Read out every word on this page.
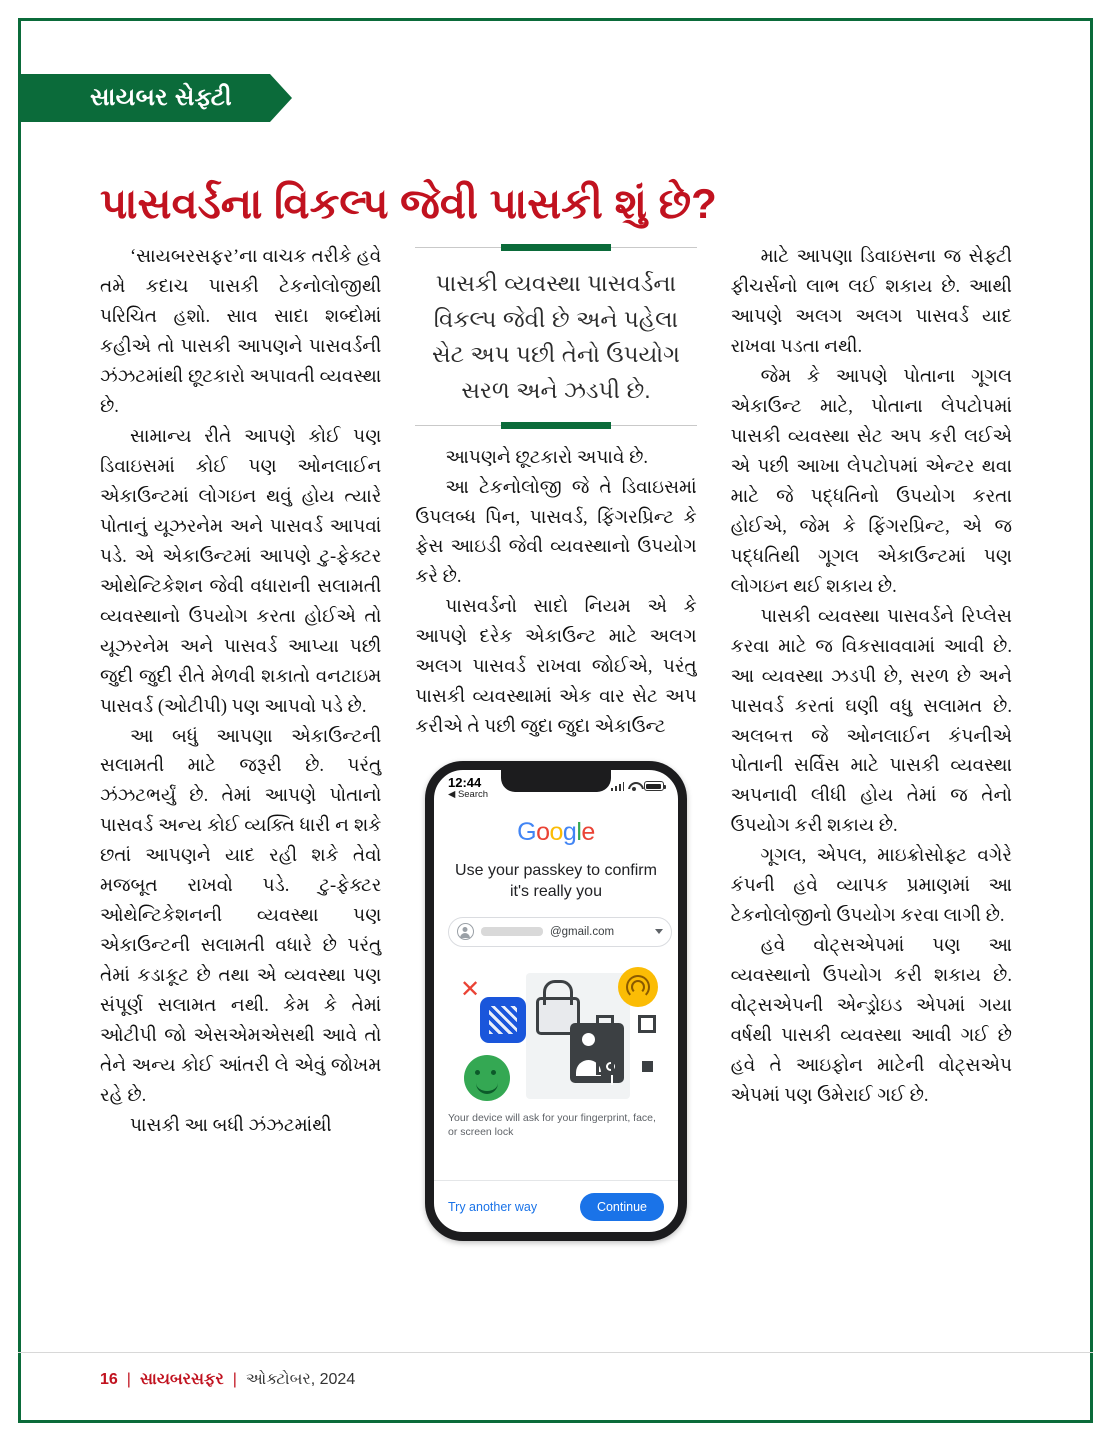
સાયબર સેફ્ટી
પાસવર્ડના વિકલ્પ જેવી પાસકી શું છે?

‘સાયબરસફર’ના વાચક તરીકે હવે તમે કદાચ પાસકી ટેકનોલોજીથી પરિચિત હશો. સાવ સાદા શબ્દોમાં કહીએ તો પાસકી આપણને પાસવર્ડની ઝંઝટમાંથી છૂટકારો અપાવતી વ્યવસ્થા છે.

સામાન્ય રીતે આપણે કોઈ પણ ડિવાઇસમાં કોઈ પણ ઓનલાઈન એકાઉન્ટમાં લોગઇન થવું હોય ત્યારે પોતાનું યૂઝરનેમ અને પાસવર્ડ આપવાં પડે. એ એકાઉન્ટમાં આપણે ટુ-ફેક્ટર ઓથેન્ટિકેશન જેવી વધારાની સલામતી વ્યવસ્થાનો ઉપયોગ કરતા હોઈએ તો યૂઝરનેમ અને પાસવર્ડ આપ્યા પછી જુદી જુદી રીતે મેળવી શકાતો વનટાઇમ પાસવર્ડ (ઓટીપી) પણ આપવો પડે છે.

આ બધું આપણા એકાઉન્ટની સલામતી માટે જરૂરી છે. પરંતુ ઝંઝટભર્યું છે. તેમાં આપણે પોતાનો પાસવર્ડ અન્ય કોઈ વ્યક્તિ ધારી ન શકે છતાં આપણને યાદ રહી શકે તેવો મજબૂત રાખવો પડે. ટુ-ફેક્ટર ઓથેન્ટિકેશનની વ્યવસ્થા પણ એકાઉન્ટની સલામતી વધારે છે પરંતુ તેમાં કડાકૂટ છે તથા એ વ્યવસ્થા પણ સંપૂર્ણ સલામત નથી. કેમ કે તેમાં ઓટીપી જો એસએમએસથી આવે તો તેને અન્ય કોઈ આંતરી લે એવું જોખમ રહે છે.

પાસકી આ બધી ઝંઝટમાંથી

પાસકી વ્યવસ્થા પાસવર્ડના વિકલ્પ જેવી છે અને પહેલા સેટ અપ પછી તેનો ઉપયોગ સરળ અને ઝડપી છે.

આપણને છૂટકારો અપાવે છે.

આ ટેકનોલોજી જે તે ડિવાઇસમાં ઉપલબ્ધ પિન, પાસવર્ડ, ફિંગરપ્રિન્ટ કે ફેસ આઇડી જેવી વ્યવસ્થાનો ઉપયોગ કરે છે.

પાસવર્ડનો સાદો નિયમ એ કે આપણે દરેક એકાઉન્ટ માટે અલગ અલગ પાસવર્ડ રાખવા જોઈએ, પરંતુ પાસકી વ્યવસ્થામાં એક વાર સેટ અપ કરીએ તે પછી જુદા જુદા એકાઉન્ટ

12:44
◀ Search
Google
Use your passkey to confirm it's really you
@gmail.com
✕
Your device will ask for your fingerprint, face, or screen lock
Try another way	Continue

માટે આપણા ડિવાઇસના જ સેફ્ટી ફીચર્સનો લાભ લઈ શકાય છે. આથી આપણે અલગ અલગ પાસવર્ડ યાદ રાખવા પડતા નથી.

જેમ કે આપણે પોતાના ગૂગલ એકાઉન્ટ માટે, પોતાના લેપટોપમાં પાસકી વ્યવસ્થા સેટ અપ કરી લઈએ એ પછી આખા લેપટોપમાં એન્ટર થવા માટે જે પદ્ધતિનો ઉપયોગ કરતા હોઈએ, જેમ કે ફિંગરપ્રિન્ટ, એ જ પદ્ધતિથી ગૂગલ એકાઉન્ટમાં પણ લોગઇન થઈ શકાય છે.

પાસકી વ્યવસ્થા પાસવર્ડને રિપ્લેસ કરવા માટે જ વિકસાવવામાં આવી છે. આ વ્યવસ્થા ઝડપી છે, સરળ છે અને પાસવર્ડ કરતાં ઘણી વધુ સલામત છે. અલબત્ત જે ઓનલાઈન કંપનીએ પોતાની સર્વિસ માટે પાસકી વ્યવસ્થા અપનાવી લીધી હોય તેમાં જ તેનો ઉપયોગ કરી શકાય છે.

ગૂગલ, એપલ, માઇક્રોસોફ્ટ વગેરે કંપની હવે વ્યાપક પ્રમાણમાં આ ટેકનોલોજીનો ઉપયોગ કરવા લાગી છે.

હવે વોટ્સએપમાં પણ આ વ્યવસ્થાનો ઉપયોગ કરી શકાય છે. વોટ્સએપની એન્ડ્રોઇડ એપમાં ગયા વર્ષથી પાસકી વ્યવસ્થા આવી ગઈ છે હવે તે આઇફોન માટેની વોટ્સએપ એપમાં પણ ઉમેરાઈ ગઈ છે.

16 | સાયબરસફર | ઓક્ટોબર, 2024
